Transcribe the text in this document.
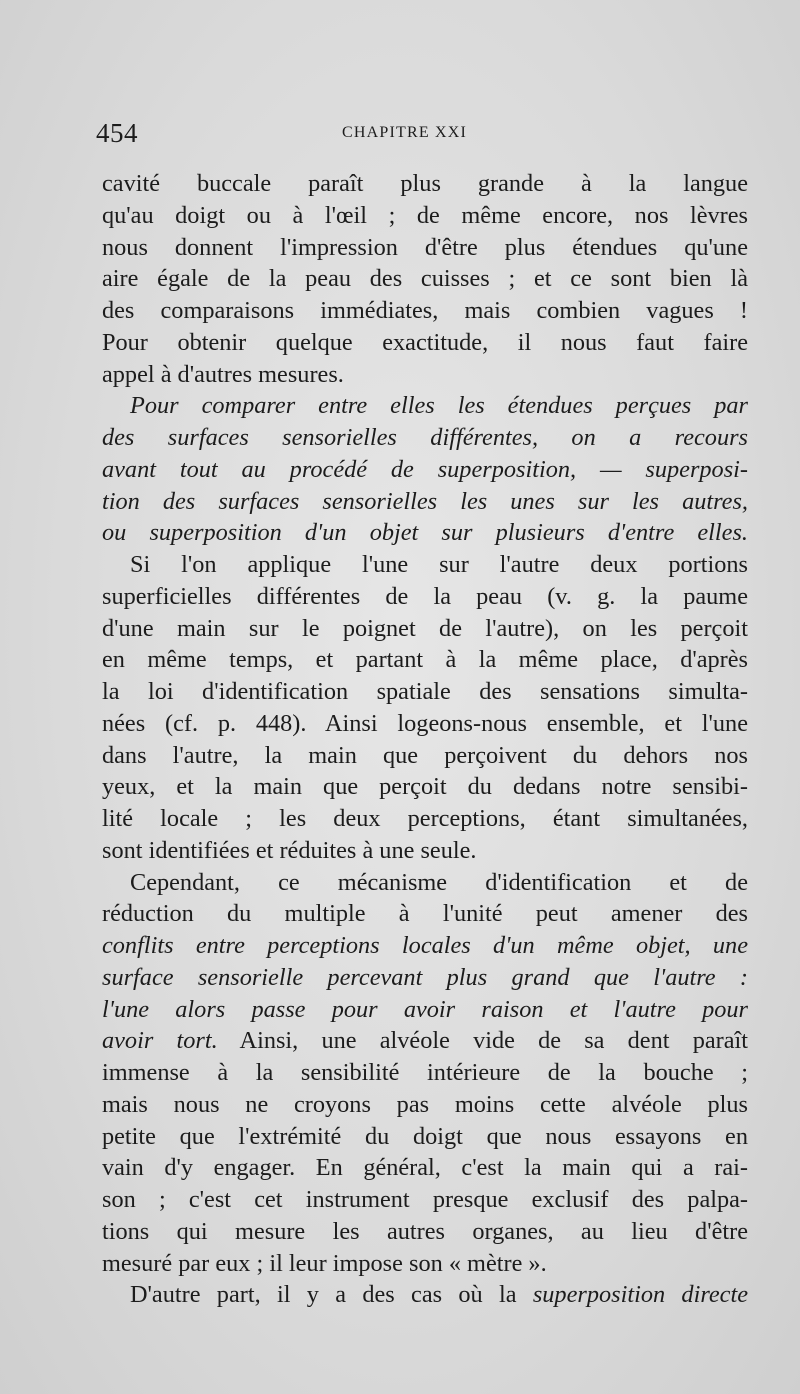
454	CHAPITRE XXI
cavité buccale paraît plus grande à la langue
qu'au doigt ou à l'œil ; de même encore, nos lèvres
nous donnent l'impression d'être plus étendues qu'une
aire égale de la peau des cuisses ; et ce sont bien là
des comparaisons immédiates, mais combien vagues !
Pour obtenir quelque exactitude, il nous faut faire
appel à d'autres mesures.
Pour comparer entre elles les étendues perçues par
des surfaces sensorielles différentes, on a recours
avant tout au procédé de superposition, — superposi-
tion des surfaces sensorielles les unes sur les autres,
ou superposition d'un objet sur plusieurs d'entre elles.
Si l'on applique l'une sur l'autre deux portions
superficielles différentes de la peau (v. g. la paume
d'une main sur le poignet de l'autre), on les perçoit
en même temps, et partant à la même place, d'après
la loi d'identification spatiale des sensations simulta-
nées (cf. p. 448). Ainsi logeons-nous ensemble, et l'une
dans l'autre, la main que perçoivent du dehors nos
yeux, et la main que perçoit du dedans notre sensibi-
lité locale ; les deux perceptions, étant simultanées,
sont identifiées et réduites à une seule.
Cependant, ce mécanisme d'identification et de
réduction du multiple à l'unité peut amener des
conflits entre perceptions locales d'un même objet, une
surface sensorielle percevant plus grand que l'autre :
l'une alors passe pour avoir raison et l'autre pour
avoir tort. Ainsi, une alvéole vide de sa dent paraît
immense à la sensibilité intérieure de la bouche ;
mais nous ne croyons pas moins cette alvéole plus
petite que l'extrémité du doigt que nous essayons en
vain d'y engager. En général, c'est la main qui a rai-
son ; c'est cet instrument presque exclusif des palpa-
tions qui mesure les autres organes, au lieu d'être
mesuré par eux ; il leur impose son « mètre ».
D'autre part, il y a des cas où la superposition directe
